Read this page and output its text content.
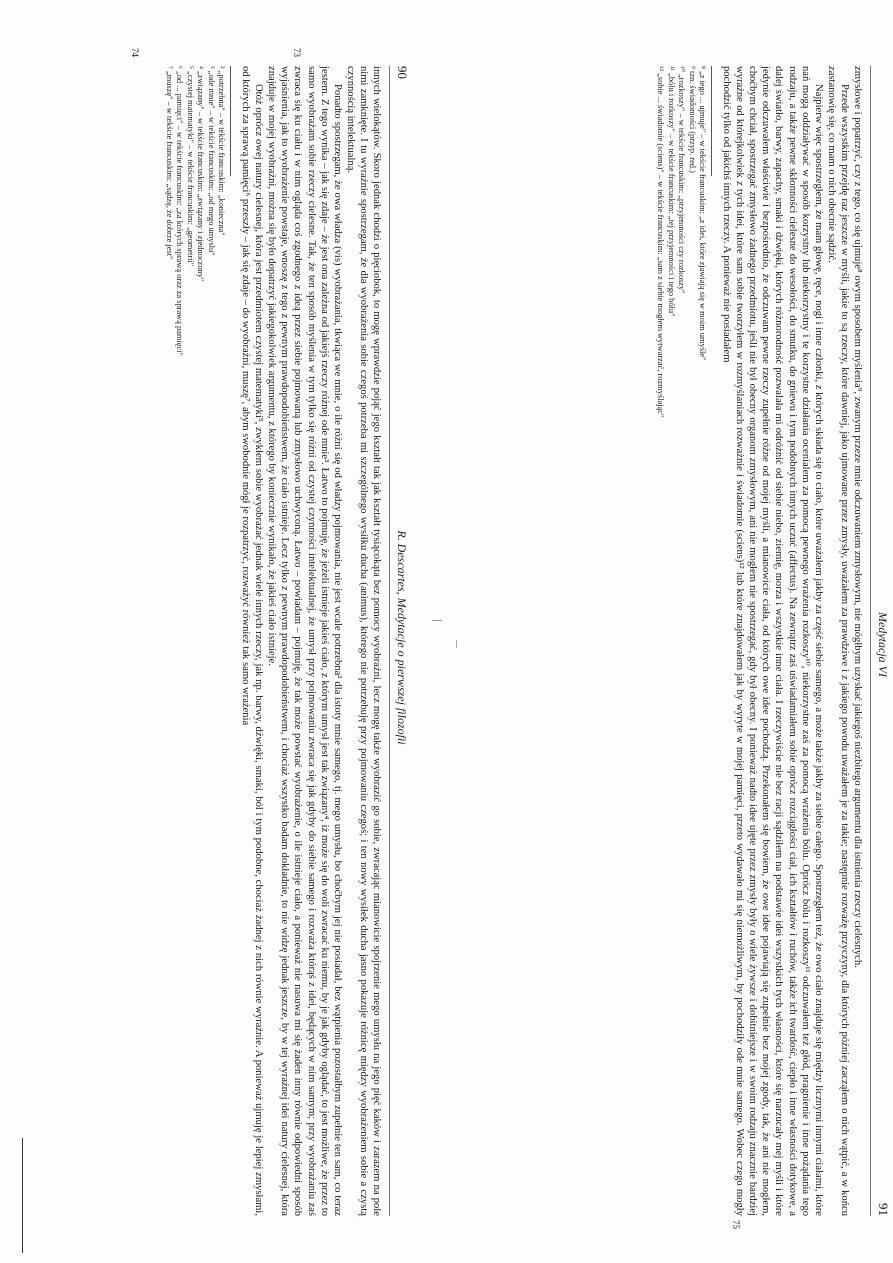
90
R. Descartes, Medytacje o pierwszej filozofii

innych wielokątów. Skoro jednak chodzi o pięciobok, to mogę wprawdzie pojąć jego kształt tak jak kształt tysiącokąta bez pomocy wyobraźni, lecz mogę także wyobrazić go sobie, zwracając mianowicie spojrzenie mego umysłu na jego pięć kaków i zarazem na pole nimi zamknięte. I tu wyraźnie spostrzegam, że dla wyobrażenia sobie czegoś potrzeba mi szczególnego wysiłku ducha (animus), którego nie potrzebuję przy pojmowaniu czegoś; i ten nowy wysiłek ducha jasno pokazuje różnicę między wyobrażeniem sobie a czystą czynnością intelektualną.

Ponadto spostrzegam, że owa władza (vis) wyobrażania, tkwiąca we mnie, o ile różni się od władzy pojmowania, nie jest wcale potrzebna² dla istoty mnie samego, tj. mego umysłu, bo choćbym jej nie posiadał, bez wątpienia pozostałbym zupełnie ten sam, co teraz jestem. Z tego wynika – jak się zdaje – że jest ona zależna od jakiejś rzeczy różnej ode mnie³. Łatwo to pojmuję, że jeżeli istnieje jakieś ciało, z którym umysł jest tak związany⁴, iż może się do woli zwracać ku niemu, by je jak gdyby oglądać, to jest możliwe, że przez to samo wyobrażam sobie rzeczy cielesne. Tak, że ten sposób myślenia w tym tylko się różni od czystej czynności intelektualnej, że umysł przy pojmowaniu zwraca się jak gdyby do siebie samego i rozważa którąś z idei, będących w nim samym; przy wyobrażaniu zaś zwraca się ku ciału i w nim ogląda coś zgodnego z ideą przez siebie pojmowaną lub zmysłowo uchwyconą. Łatwo – powiadam – pojmuję, że tak może powstać wyobrażenie, o ile istnieje ciało, a ponieważ nie nasuwa mi się żaden inny równie odpowiedni sposób wyjaśnienia, jak to wyobrażenie powstaje, wnoszę z tego z pewnym prawdopodobieństwem, że ciało istnieje. Lecz tylko z pewnym prawdopodobieństwem, i chociaż wszystko badam dokładnie, to nie widzę jednak jeszcze, by w tej wyraźnej idei natury cielesnej, która znajduje w mojej wyobraźni, można się było dopatrzyć jakiegokolwiek argumentu, z którego by koniecznie wynikało, że jakieś ciało istnieje.

Otóż oprócz owej natury cielesnej, która jest przedmiotem czystej matematyki⁵, zwykłem sobie wyobrażać jednak wiele innych rzeczy, jak np. barwy, dźwięki, smaki, ból i tym podobne, chociaż żadnej z nich równie wyraźnie. A ponieważ ujmuję je lepiej zmysłami, od których za sprawą pamięci⁶ przeszły – jak się zdaje – do wyobraźni, muszę⁷, abym swobodnie mógł je rozpatrzyć, rozważyć również tak samo wrażenia

² „potrzebna" – w tekście francuskim: „konieczna"
³ „ode mnie" – w tekście francuskim: „od mego umysłu"
⁴ „związany" – w tekście francuskim: „związany i zjednoczony"
⁵ „czystej matematyki" – w tekście francuskim: „geometrii"
⁶ „od ... pamięci" – w tekście francuskim: „za których sprawą oraz za sprawą pamięci"
⁷ „muszę" – w tekście francuskim: „sądzę, że dobrze jest"
73
74
Medytacja VI
91

zmysłowe i popatrzyć, czy z tego, co się ujmuje⁸ owym sposobem myślenia⁹, zwanym przeze mnie odczuwaniem zmysłowym, nie mógłbym uzyskać jakiegoś niezbitego argumentu dla istnienia rzeczy cielesnych.

Przede wszystkim przejdę raz jeszcze w myśli, jakie to są rzeczy, które dawniej, jako ujmowane przez zmysły, uważałem za prawdziwe i z jakiego powodu uważałem je za takie; następnie rozważę przyczyny, dla których później zacząłem o nich wątpić, a w końcu zastanowię się, co mam o nich obecnie sądzić.

Najpierw więc spostrzegłem, że mam głowę, ręce, nogi i inne członki, z których składa się to ciało, które uważałem jakby za część siebie samego, a może także jakby za siebie całego. Spostrzegłem też, że owo ciało znajduje się między licznymi innymi ciałami, które nań mogą oddziaływać w sposób korzystny lub niekorzystny i te korzystne działania ocenialem za pomocą pewnego wrażenia rozkoszy¹⁰, niekorzystne zaś za pomocą wrażenia bólu. Oprócz bólu i rozkoszy¹¹ odczuwałem też głód, pragnienie i inne pożądania tego rodzaju, a także pewne skłonności cielesne do wesołości, do smutku, do gniewu i tym podobnych innych uczuć (affectus). Na zewnątrz zaś uświadamiałem sobie oprócz rozciągłości ciał, ich kształtów i ruchów, także ich twardość, ciepło i inne własności dotykowe, a dalej światło, barwy, zapachy, smaki i dźwięki, których różnorodność pozwalała mi odróżnić od siebie niebo, ziemię, morza i wszystkie inne ciała. I rzeczywiście nie bez racji sądziłem na podstawie idei wszystkich tych własności, które się narzucały mej myśli i które jedynie odczuwałem właściwie i bezpośrednio, że odczuwam pewne rzeczy zupełnie różne od mojej myśli, a mianowicie ciała, od których owe idee pochodzą. Przekonałem się bowiem, że owe idee pojawiają się zupełnie bez mojej zgody, tak, że ani nie mogłem, choćbym chciał, spostrzegać zmysłowo żadnego przedmiotu, jeśli nie był obecny organom zmysłowym, ani nie mogłem nie spostrzegać, gdy był obecny. I ponieważ nadto idee ujęte przez zmysły były o wiele żywsze i dobitniejsze i w swoim rodzaju znacznie bardziej wyraźne od którejkolwiek z tych idei, które sam sobie tworzyłem w rozmyślaniach rozważnie i świadomie (sciens)¹² lub które znajdowałem jak by wyryte w mojej pamięci, przeto wydawało mi się niemożliwym, by pochodziły ode mnie samego. Wobec czego mogły pochodzić tylko od jakichś innych rzeczy. A ponieważ nie posiadałem

⁸ „z tego ... ujmuje" – w tekście francuskim: „z idei, które zjawiają się w moim umyśle"
⁹ tzn. świadomości (przyp. red.)
¹⁰ „rozkoszy" – w tekście francuskim: „przyjemności czy rozkoszy"
¹¹ „bólu i rozkoszy" – w tekście francuskim: „tej przyjemności i tego bólu"
¹² „sobie ... świadomie (sciens)" – w tekście francuskim: „sam z siebie mogłem wytwarzać, rozmyślając"
75
